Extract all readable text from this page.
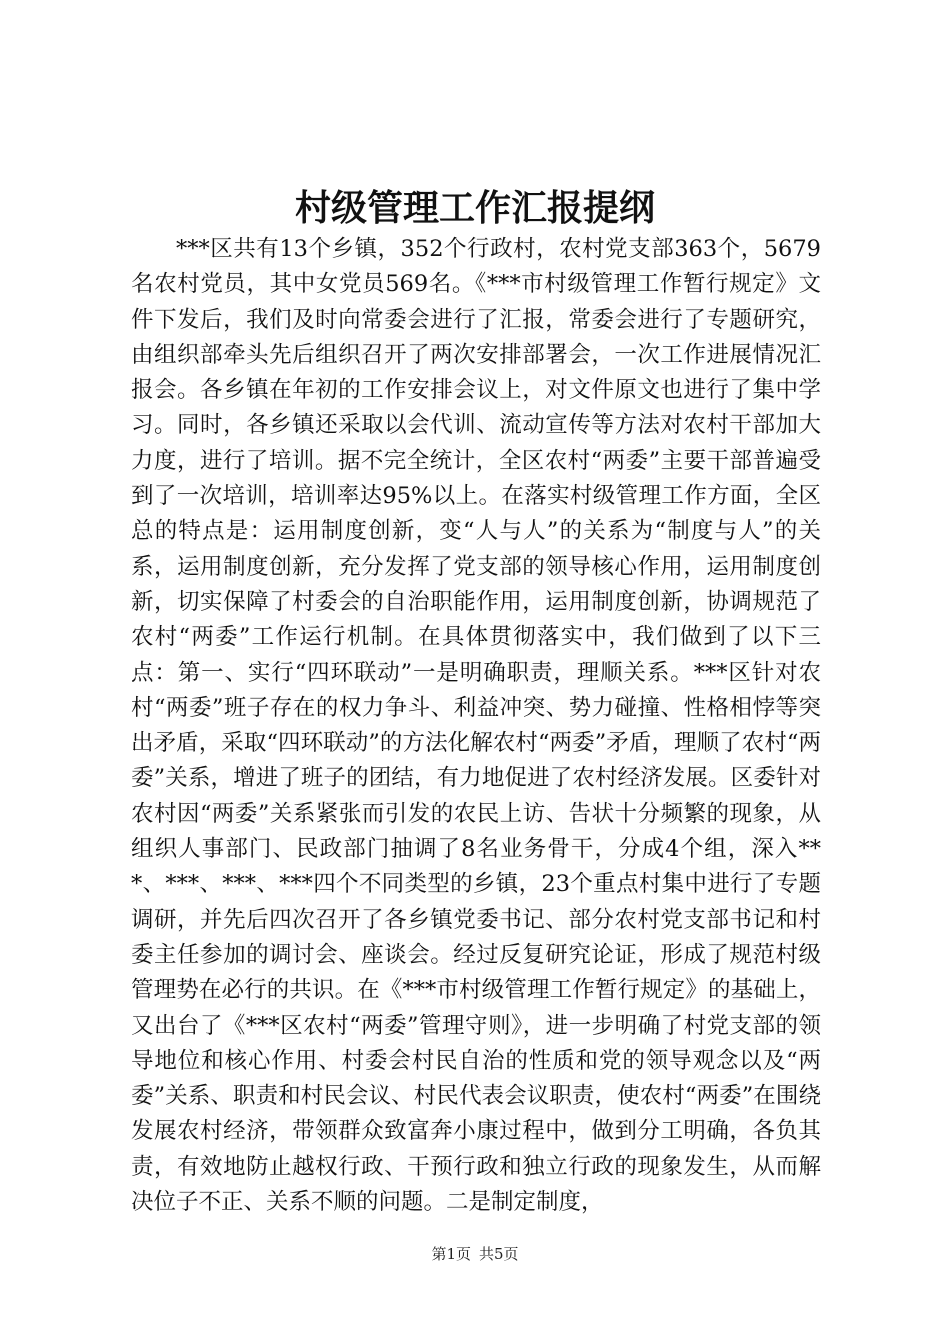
村级管理工作汇报提纲

***区共有13个乡镇，352个行政村，农村党支部363个，5679名农村党员，其中女党员569名。《***市村级管理工作暂行规定》文件下发后，我们及时向常委会进行了汇报，常委会进行了专题研究，由组织部牵头先后组织召开了两次安排部署会，一次工作进展情况汇报会。各乡镇在年初的工作安排会议上，对文件原文也进行了集中学习。同时，各乡镇还采取以会代训、流动宣传等方法对农村干部加大力度，进行了培训。据不完全统计，全区农村“两委”主要干部普遍受到了一次培训，培训率达95%以上。在落实村级管理工作方面，全区总的特点是：运用制度创新，变“人与人”的关系为“制度与人”的关系，运用制度创新，充分发挥了党支部的领导核心作用，运用制度创新，切实保障了村委会的自治职能作用，运用制度创新，协调规范了农村“两委”工作运行机制。在具体贯彻落实中，我们做到了以下三点：第一、实行“四环联动”一是明确职责，理顺关系。***区针对农村“两委”班子存在的权力争斗、利益冲突、势力碰撞、性格相悖等突出矛盾，采取“四环联动”的方法化解农村“两委”矛盾，理顺了农村“两委”关系，增进了班子的团结，有力地促进了农村经济发展。区委针对农村因“两委”关系紧张而引发的农民上访、告状十分频繁的现象，从组织人事部门、民政部门抽调了8名业务骨干，分成4个组，深入***、***、***、***四个不同类型的乡镇，23个重点村集中进行了专题调研，并先后四次召开了各乡镇党委书记、部分农村党支部书记和村委主任参加的调讨会、座谈会。经过反复研究论证，形成了规范村级管理势在必行的共识。在《***市村级管理工作暂行规定》的基础上，又出台了《***区农村“两委”管理守则》，进一步明确了村党支部的领导地位和核心作用、村委会村民自治的性质和党的领导观念以及“两委”关系、职责和村民会议、村民代表会议职责，使农村“两委”在围绕发展农村经济，带领群众致富奔小康过程中，做到分工明确，各负其责，有效地防止越权行政、干预行政和独立行政的现象发生，从而解决位子不正、关系不顺的问题。二是制定制度，

第1页 共5页
